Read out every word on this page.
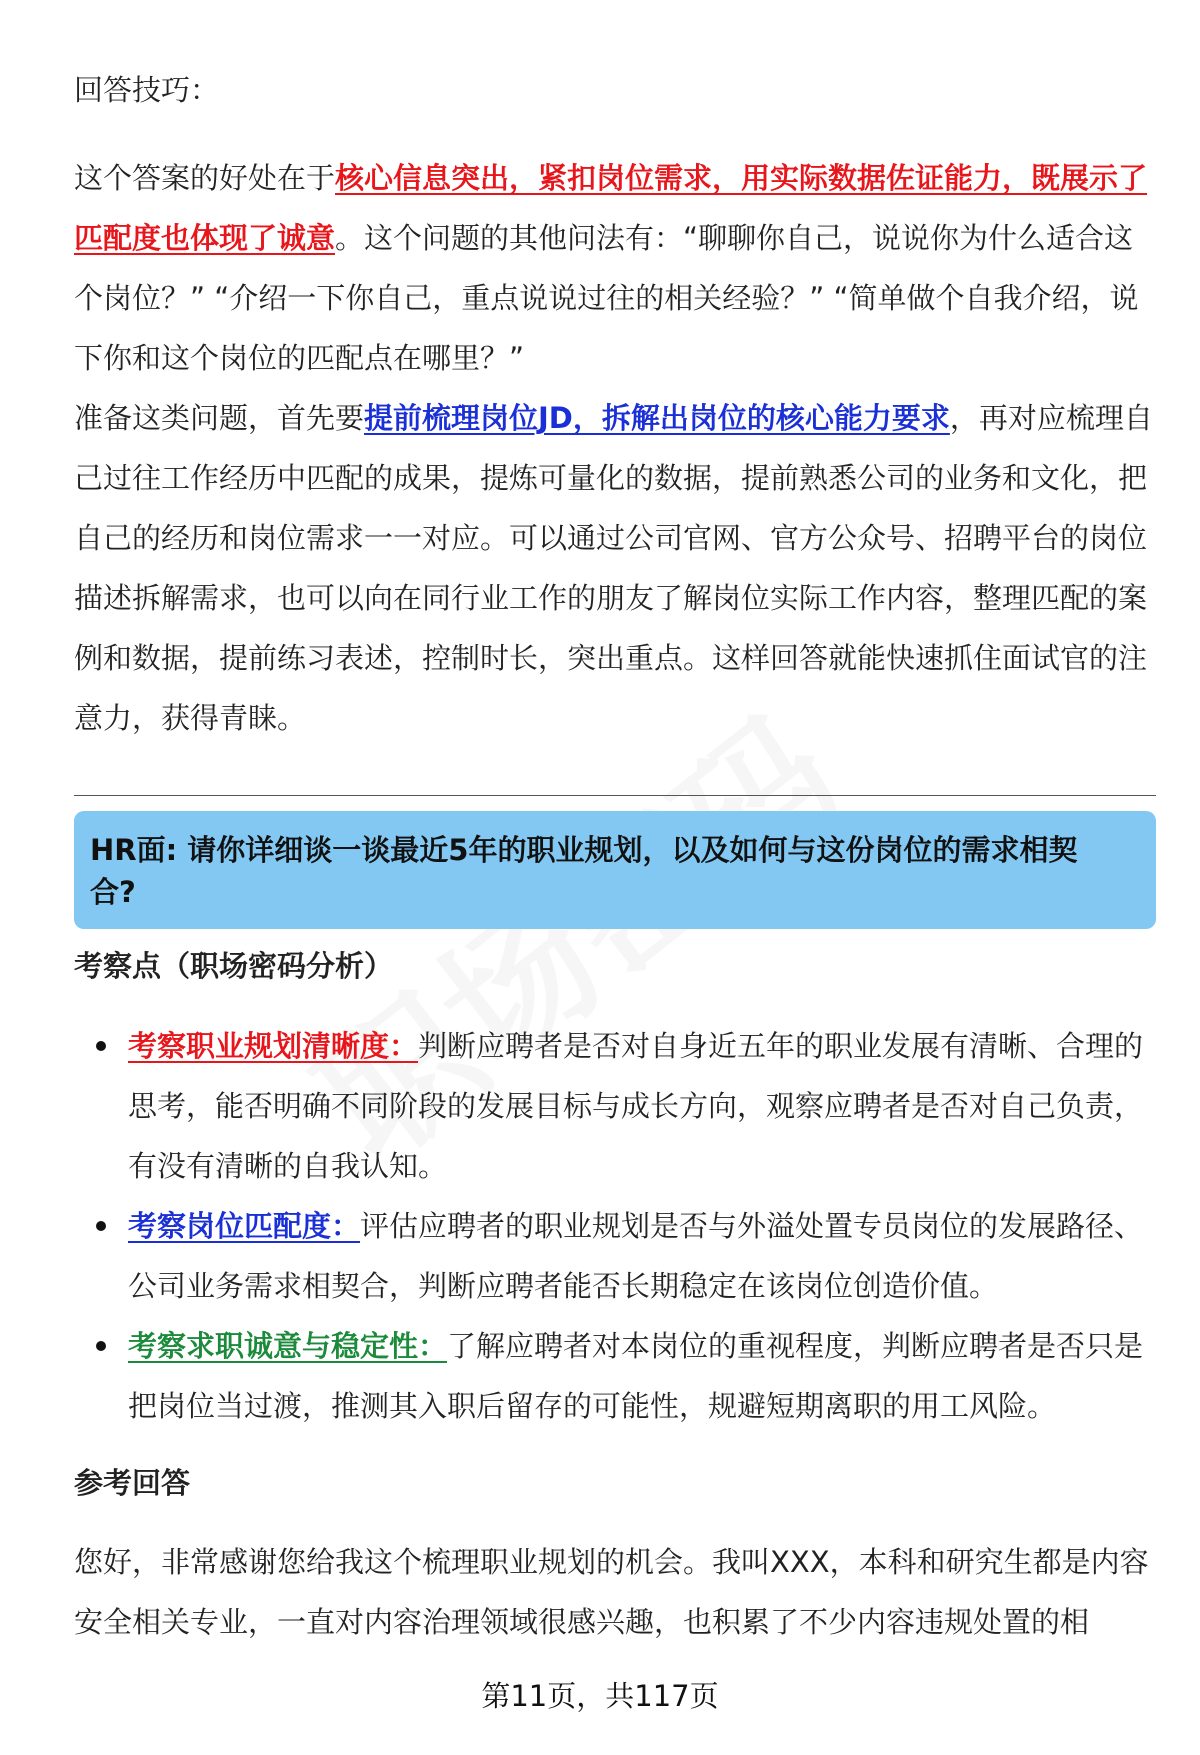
回答技巧：

这个答案的好处在于核心信息突出，紧扣岗位需求，用实际数据佐证能力，既展示了匹配度也体现了诚意。这个问题的其他问法有：“聊聊你自己，说说你为什么适合这个岗位？” “介绍一下你自己，重点说说过往的相关经验？” “简单做个自我介绍，说下你和这个岗位的匹配点在哪里？”

准备这类问题，首先要提前梳理岗位JD，拆解出岗位的核心能力要求，再对应梳理自己过往工作经历中匹配的成果，提炼可量化的数据，提前熟悉公司的业务和文化，把自己的经历和岗位需求一一对应。可以通过公司官网、官方公众号、招聘平台的岗位描述拆解需求，也可以向在同行业工作的朋友了解岗位实际工作内容，整理匹配的案例和数据，提前练习表述，控制时长，突出重点。这样回答就能快速抓住面试官的注意力，获得青睐。

HR面: 请你详细谈一谈最近5年的职业规划，以及如何与这份岗位的需求相契合?
考察点（职场密码分析）
考察职业规划清晰度：判断应聘者是否对自身近五年的职业发展有清晰、合理的思考，能否明确不同阶段的发展目标与成长方向，观察应聘者是否对自己负责，有没有清晰的自我认知。
考察岗位匹配度：评估应聘者的职业规划是否与外溢处置专员岗位的发展路径、公司业务需求相契合，判断应聘者能否长期稳定在该岗位创造价值。
考察求职诚意与稳定性：了解应聘者对本岗位的重视程度，判断应聘者是否只是把岗位当过渡，推测其入职后留存的可能性，规避短期离职的用工风险。
参考回答

您好，非常感谢您给我这个梳理职业规划的机会。我叫XXX，本科和研究生都是内容安全相关专业，一直对内容治理领域很感兴趣，也积累了不少内容违规处置的相

第11页，共117页
